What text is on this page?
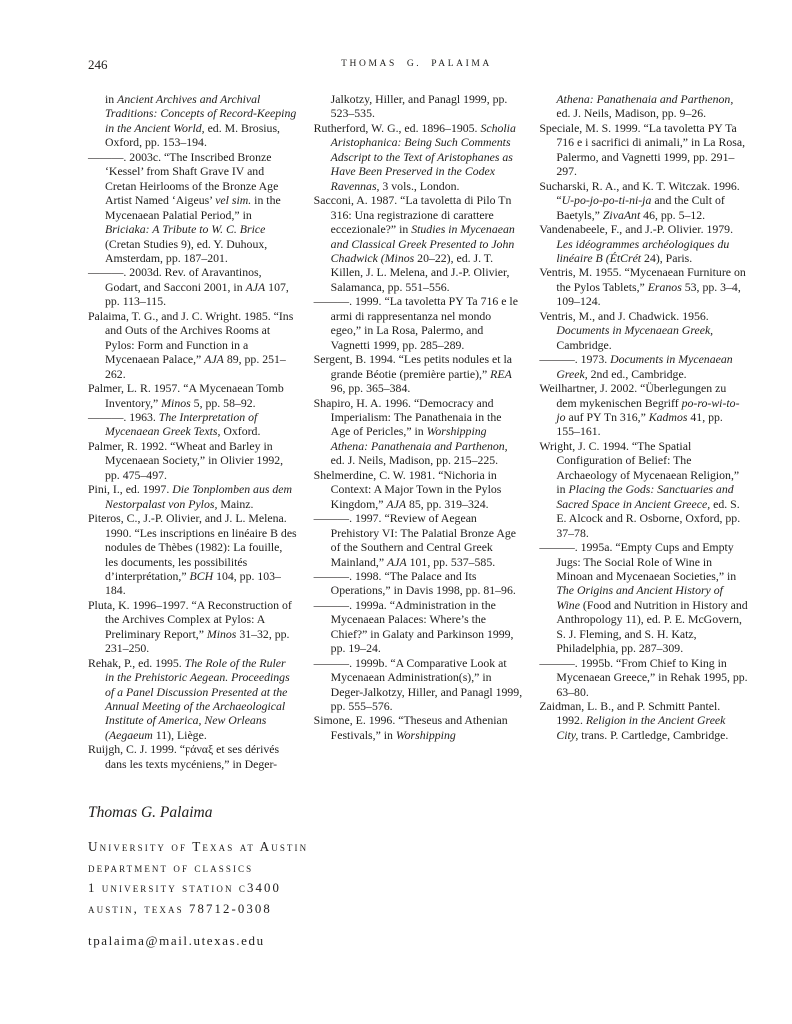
246	THOMAS G. PALAIMA

in Ancient Archives and Archival Traditions: Concepts of Record-Keeping in the Ancient World, ed. M. Brosius, Oxford, pp. 153–194.

———. 2003c. “The Inscribed Bronze ‘Kessel’ from Shaft Grave IV and Cretan Heirlooms of the Bronze Age Artist Named ‘Aigeus’ vel sim. in the Mycenaean Palatial Period,” in Briciaka: A Tribute to W. C. Brice (Cretan Studies 9), ed. Y. Duhoux, Amsterdam, pp. 187–201.

———. 2003d. Rev. of Aravantinos, Godart, and Sacconi 2001, in AJA 107, pp. 113–115.

Palaima, T. G., and J. C. Wright. 1985. “Ins and Outs of the Archives Rooms at Pylos: Form and Function in a Mycenaean Palace,” AJA 89, pp. 251–262.

Palmer, L. R. 1957. “A Mycenaean Tomb Inventory,” Minos 5, pp. 58–92.

———. 1963. The Interpretation of Mycenaean Greek Texts, Oxford.

Palmer, R. 1992. “Wheat and Barley in Mycenaean Society,” in Olivier 1992, pp. 475–497.

Pini, I., ed. 1997. Die Tonplomben aus dem Nestorpalast von Pylos, Mainz.

Piteros, C., J.-P. Olivier, and J. L. Melena. 1990. “Les inscriptions en linéaire B des nodules de Thèbes (1982): La fouille, les documents, les possibilités d’interprétation,” BCH 104, pp. 103–184.

Pluta, K. 1996–1997. “A Reconstruction of the Archives Complex at Pylos: A Preliminary Report,” Minos 31–32, pp. 231–250.

Rehak, P., ed. 1995. The Role of the Ruler in the Prehistoric Aegean. Proceedings of a Panel Discussion Presented at the Annual Meeting of the Archaeological Institute of America, New Orleans (Aegaeum 11), Liège.

Ruijgh, C. J. 1999. “ϝάναξ et ses dérivés dans les texts mycéniens,” in Deger-

Jalkotzy, Hiller, and Panagl 1999, pp. 523–535.

Rutherford, W. G., ed. 1896–1905. Scholia Aristophanica: Being Such Comments Adscript to the Text of Aristophanes as Have Been Preserved in the Codex Ravennas, 3 vols., London.

Sacconi, A. 1987. “La tavoletta di Pilo Tn 316: Una registrazione di carattere eccezionale?” in Studies in Mycenaean and Classical Greek Presented to John Chadwick (Minos 20–22), ed. J. T. Killen, J. L. Melena, and J.-P. Olivier, Salamanca, pp. 551–556.

———. 1999. “La tavoletta PY Ta 716 e le armi di rappresentanza nel mondo egeo,” in La Rosa, Palermo, and Vagnetti 1999, pp. 285–289.

Sergent, B. 1994. “Les petits nodules et la grande Béotie (première partie),” REA 96, pp. 365–384.

Shapiro, H. A. 1996. “Democracy and Imperialism: The Panathenaia in the Age of Pericles,” in Worshipping Athena: Panathenaia and Parthenon, ed. J. Neils, Madison, pp. 215–225.

Shelmerdine, C. W. 1981. “Nichoria in Context: A Major Town in the Pylos Kingdom,” AJA 85, pp. 319–324.

———. 1997. “Review of Aegean Prehistory VI: The Palatial Bronze Age of the Southern and Central Greek Mainland,” AJA 101, pp. 537–585.

———. 1998. “The Palace and Its Operations,” in Davis 1998, pp. 81–96.

———. 1999a. “Administration in the Mycenaean Palaces: Where’s the Chief?” in Galaty and Parkinson 1999, pp. 19–24.

———. 1999b. “A Comparative Look at Mycenaean Administration(s),” in Deger-Jalkotzy, Hiller, and Panagl 1999, pp. 555–576.

Simone, E. 1996. “Theseus and Athenian Festivals,” in Worshipping

Athena: Panathenaia and Parthenon, ed. J. Neils, Madison, pp. 9–26.

Speciale, M. S. 1999. “La tavoletta PY Ta 716 e i sacrifici di animali,” in La Rosa, Palermo, and Vagnetti 1999, pp. 291–297.

Sucharski, R. A., and K. T. Witczak. 1996. “U-po-jo-po-ti-ni-ja and the Cult of Baetyls,” ZivaAnt 46, pp. 5–12.

Vandenabeele, F., and J.-P. Olivier. 1979. Les idéogrammes archéologiques du linéaire B (ÉtCrét 24), Paris.

Ventris, M. 1955. “Mycenaean Furniture on the Pylos Tablets,” Eranos 53, pp. 3–4, 109–124.

Ventris, M., and J. Chadwick. 1956. Documents in Mycenaean Greek, Cambridge.

———. 1973. Documents in Mycenaean Greek, 2nd ed., Cambridge.

Weilhartner, J. 2002. “Überlegungen zu dem mykenischen Begriff po-ro-wi-to-jo auf PY Tn 316,” Kadmos 41, pp. 155–161.

Wright, J. C. 1994. “The Spatial Configuration of Belief: The Archaeology of Mycenaean Religion,” in Placing the Gods: Sanctuaries and Sacred Space in Ancient Greece, ed. S. E. Alcock and R. Osborne, Oxford, pp. 37–78.

———. 1995a. “Empty Cups and Empty Jugs: The Social Role of Wine in Minoan and Mycenaean Societies,” in The Origins and Ancient History of Wine (Food and Nutrition in History and Anthropology 11), ed. P. E. McGovern, S. J. Fleming, and S. H. Katz, Philadelphia, pp. 287–309.

———. 1995b. “From Chief to King in Mycenaean Greece,” in Rehak 1995, pp. 63–80.

Zaidman, L. B., and P. Schmitt Pantel. 1992. Religion in the Ancient Greek City, trans. P. Cartledge, Cambridge.

Thomas G. Palaima
University of Texas at Austin
department of classics
1 university station c3400
austin, texas 78712-0308
tpalaima@mail.utexas.edu
